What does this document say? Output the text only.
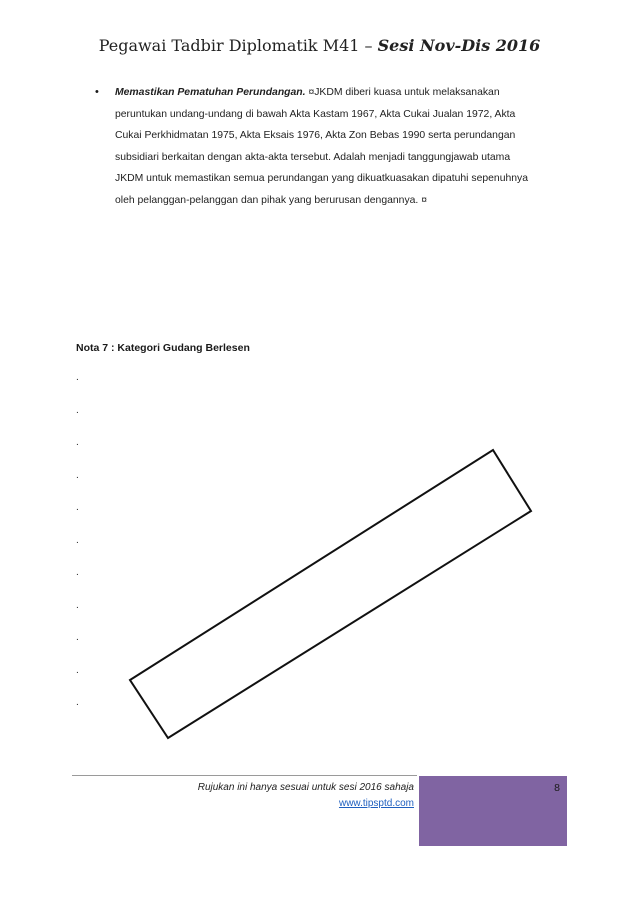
Pegawai Tadbir Diplomatik M41 – Sesi Nov-Dis 2016
• Memastikan Pematuhan Perundangan. ¤JKDM diberi kuasa untuk melaksanakan
peruntukan undang-undang di bawah Akta Kastam 1967, Akta Cukai Jualan 1972, Akta
Cukai Perkhidmatan 1975, Akta Eksais 1976, Akta Zon Bebas 1990 serta perundangan
subsidiari berkaitan dengan akta-akta tersebut. Adalah menjadi tanggungjawab utama
JKDM untuk memastikan semua perundangan yang dikuatkuasakan dipatuhi sepenuhnya
oleh pelanggan-pelanggan dan pihak yang berurusan dengannya. ¤
Nota 7 : Kategori Gudang Berlesen
.
.
.
.
.
.
.
.
.
.
.
Rujukan ini hanya sesuai untuk sesi 2016 sahaja
www.tipsptd.com
8
